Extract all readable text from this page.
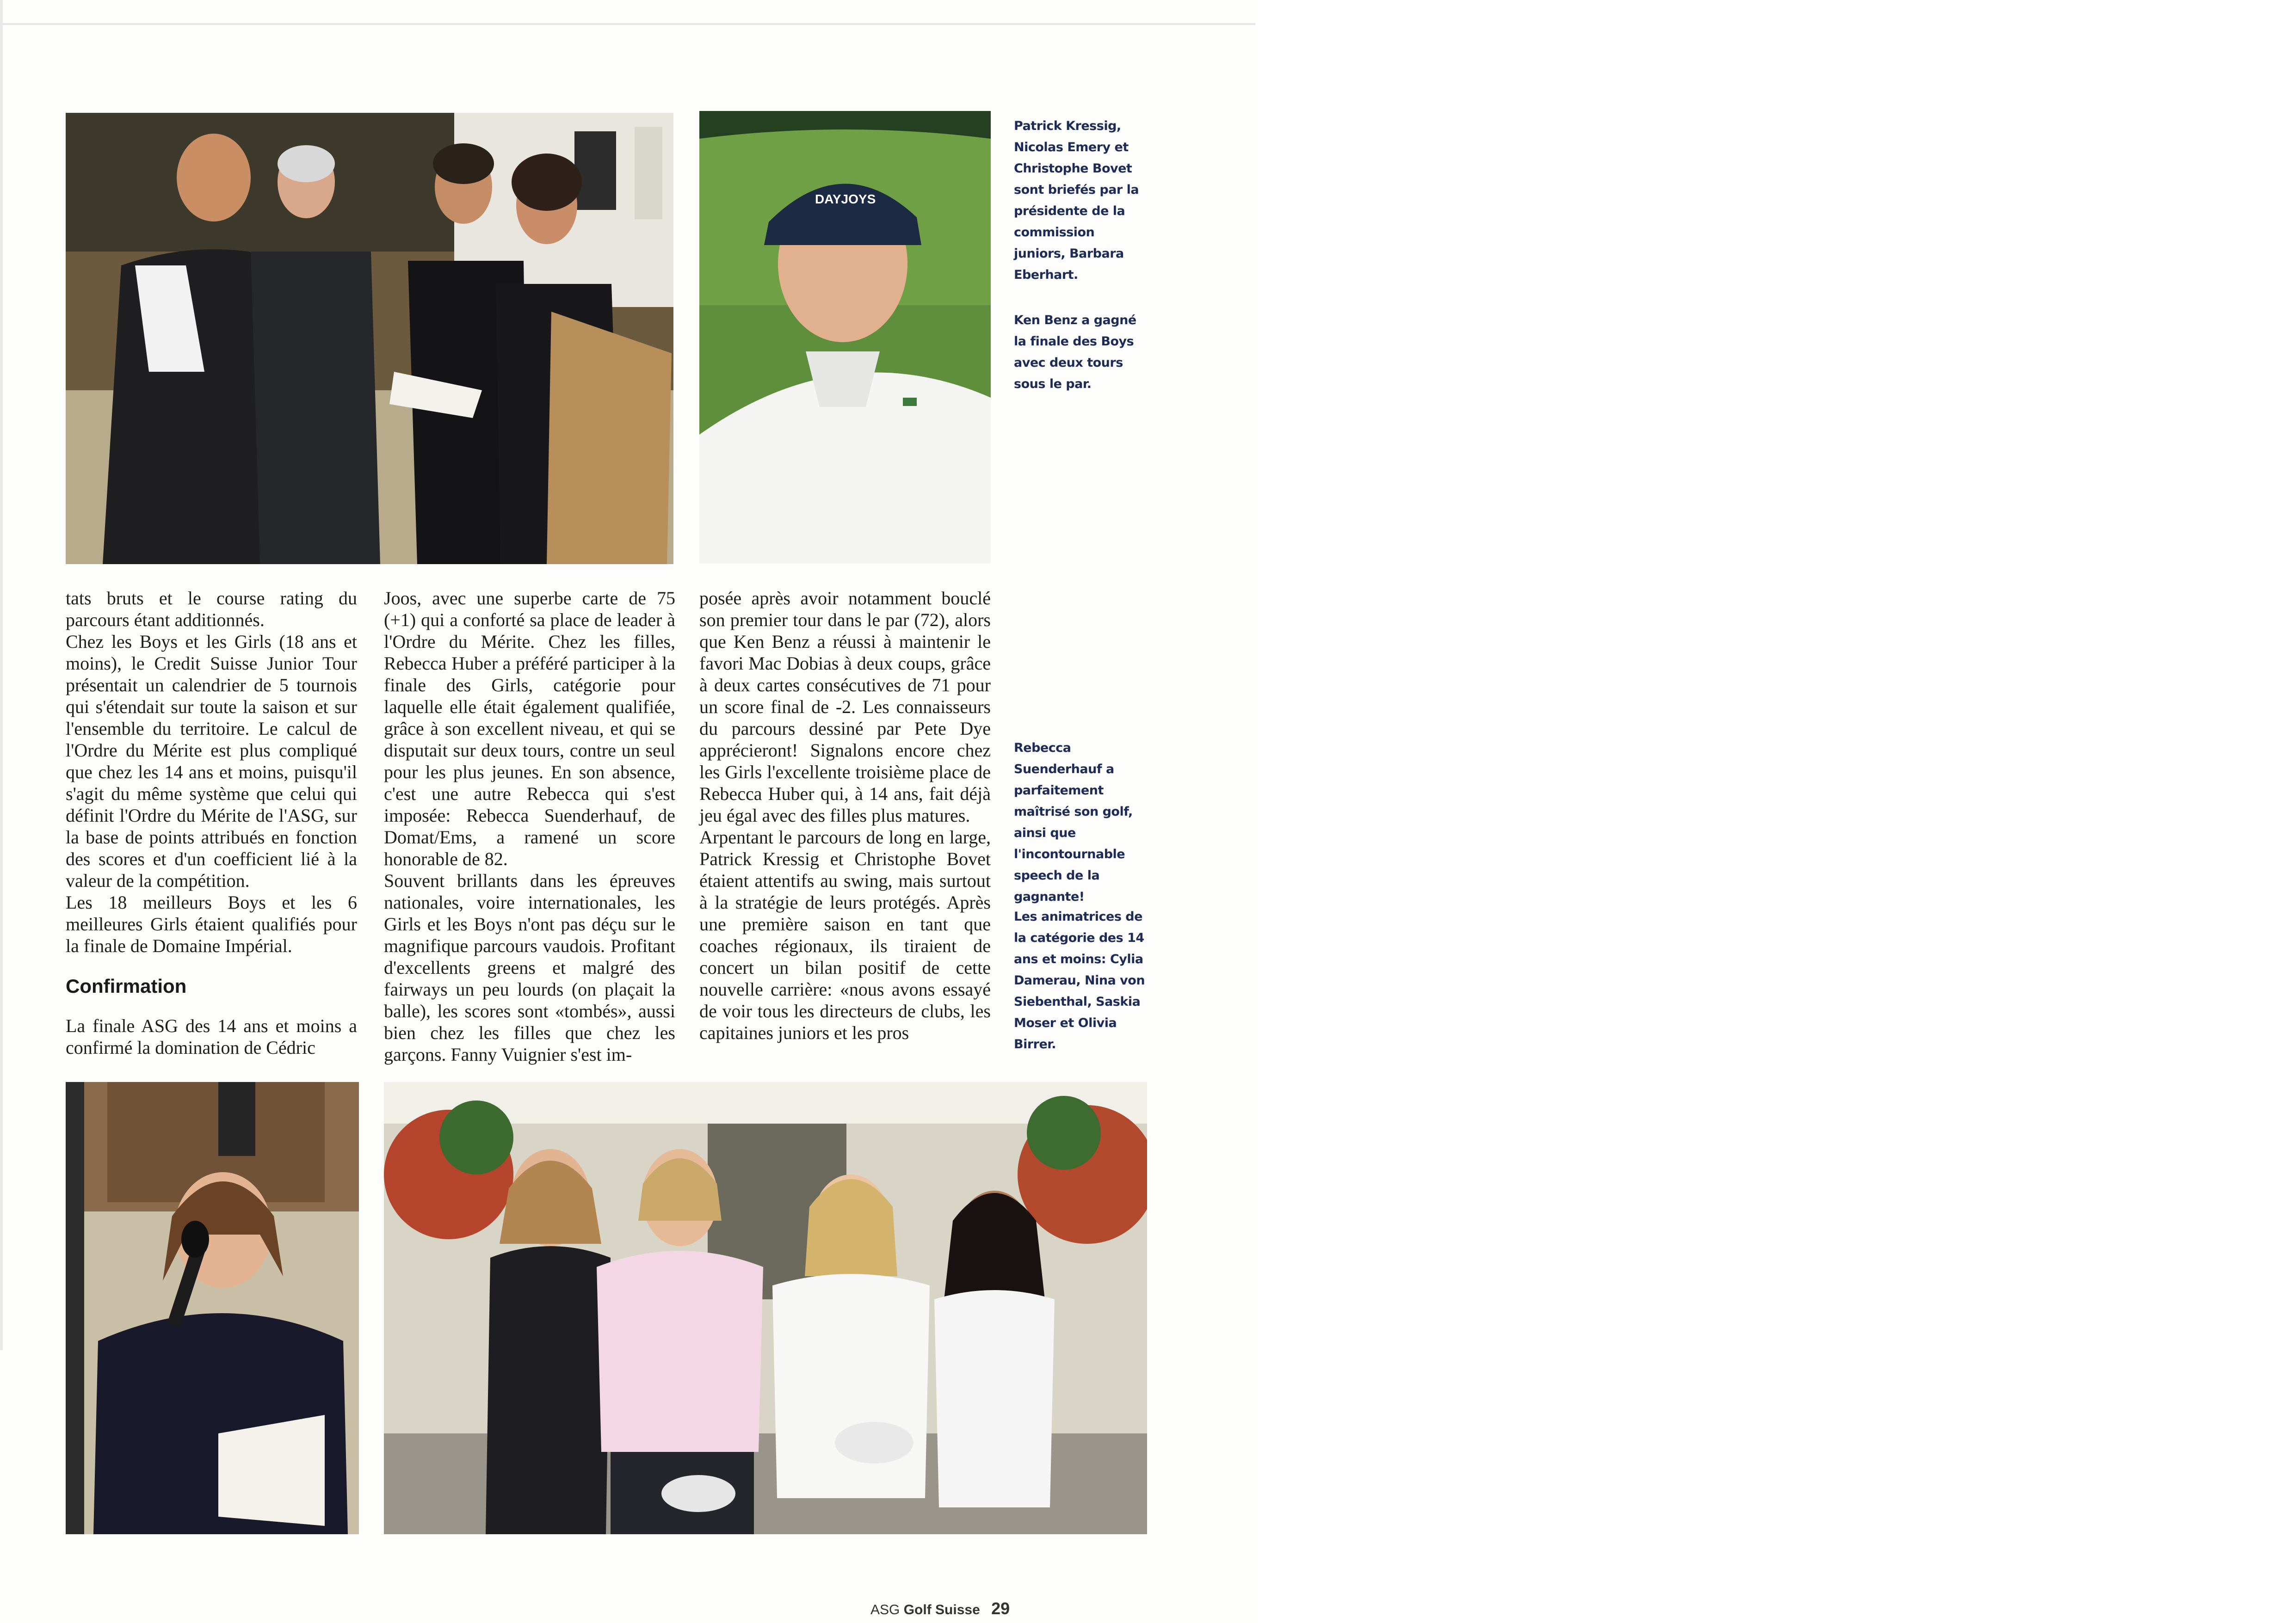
DAYJOYS

tats bruts et le course rating du parcours étant additionnés.

Chez les Boys et les Girls (18 ans et moins), le Credit Suisse Junior Tour présentait un calendrier de 5 tournois qui s'étendait sur toute la saison et sur l'ensemble du territoire. Le calcul de l'Ordre du Mérite est plus compliqué que chez les 14 ans et moins, puisqu'il s'agit du même système que celui qui définit l'Ordre du Mérite de l'ASG, sur la base de points attribués en fonction des scores et d'un coefficient lié à la valeur de la compétition.

Les 18 meilleurs Boys et les 6 meilleures Girls étaient qualifiés pour la finale de Domaine Impérial.

Confirmation

La finale ASG des 14 ans et moins a confirmé la domination de Cédric

Joos, avec une superbe carte de 75 (+1) qui a conforté sa place de leader à l'Ordre du Mérite. Chez les filles, Rebecca Huber a préféré participer à la finale des Girls, catégorie pour laquelle elle était également qualifiée, grâce à son excellent niveau, et qui se disputait sur deux tours, contre un seul pour les plus jeunes. En son absence, c'est une autre Rebecca qui s'est imposée: Rebecca Suenderhauf, de Domat/Ems, a ramené un score honorable de 82.

Souvent brillants dans les épreuves nationales, voire internationales, les Girls et les Boys n'ont pas déçu sur le magnifique parcours vaudois. Profitant d'excellents greens et malgré des fairways un peu lourds (on plaçait la balle), les scores sont «tombés», aussi bien chez les filles que chez les garçons. Fanny Vuignier s'est im-

posée après avoir notamment bouclé son premier tour dans le par (72), alors que Ken Benz a réussi à maintenir le favori Mac Dobias à deux coups, grâce à deux cartes consécutives de 71 pour un score final de -2. Les connaisseurs du parcours dessiné par Pete Dye apprécieront! Signalons encore chez les Girls l'excellente troisième place de Rebecca Huber qui, à 14 ans, fait déjà jeu égal avec des filles plus matures.

Arpentant le parcours de long en large, Patrick Kressig et Christophe Bovet étaient attentifs au swing, mais surtout à la stratégie de leurs protégés. Après une première saison en tant que coaches régionaux, ils tiraient de concert un bilan positif de cette nouvelle carrière: «nous avons essayé de voir tous les directeurs de clubs, les capitaines juniors et les pros

Patrick Kressig, Nicolas Emery et Christophe Bovet sont briefés par la présidente de la commission juniors, Barbara Eberhart.
Ken Benz a gagné la finale des Boys avec deux tours sous le par.
Rebecca Suenderhauf a parfaitement maîtrisé son golf, ainsi que l'incontournable speech de la gagnante!
Les animatrices de la catégorie des 14 ans et moins: Cylia Damerau, Nina von Siebenthal, Saskia Moser et Olivia Birrer.
ASG Golf Suisse 29
